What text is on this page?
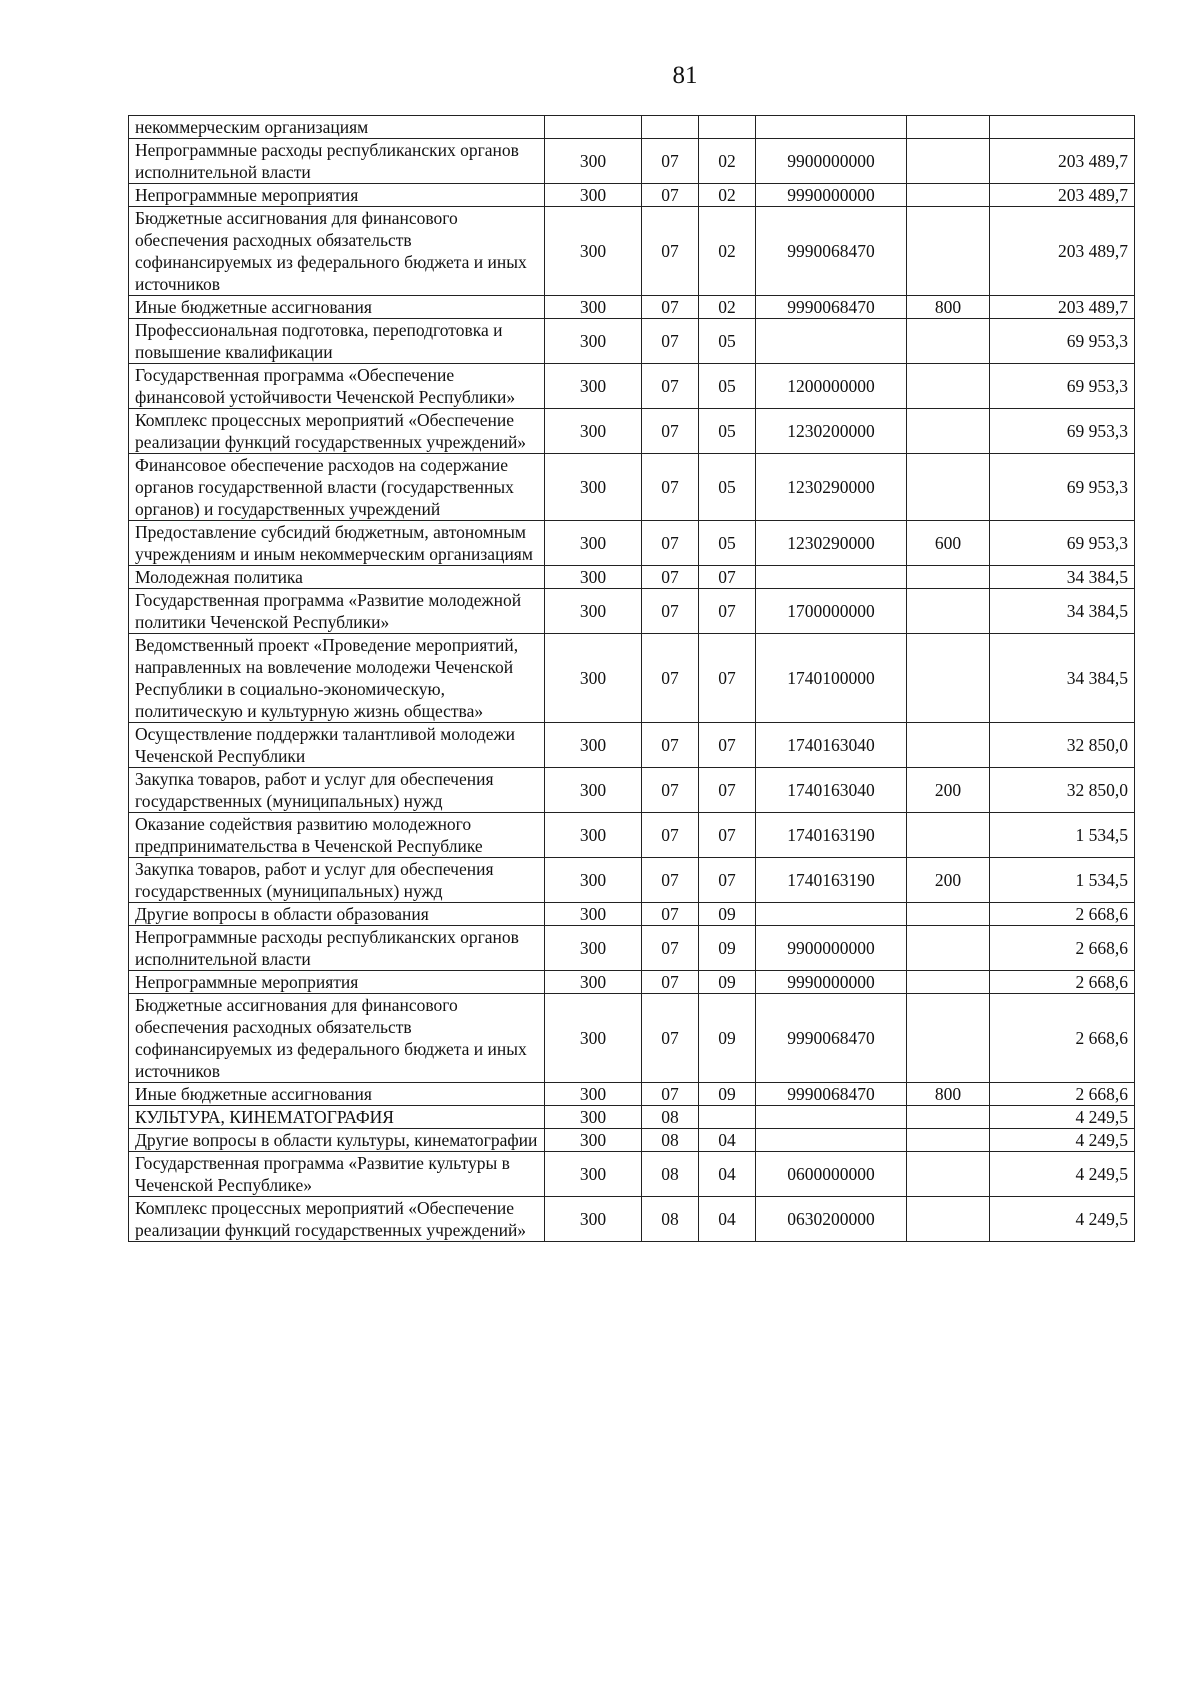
81
некоммерческим организациям						
Непрограммные расходы республиканских органов исполнительной власти	300	07	02	9900000000		203 489,7
Непрограммные мероприятия	300	07	02	9990000000		203 489,7
Бюджетные ассигнования для финансового обеспечения расходных обязательств софинансируемых из федерального бюджета и иных источников	300	07	02	9990068470		203 489,7
Иные бюджетные ассигнования	300	07	02	9990068470	800	203 489,7
Профессиональная подготовка, переподготовка и повышение квалификации	300	07	05			69 953,3
Государственная программа «Обеспечение финансовой устойчивости Чеченской Республики»	300	07	05	1200000000		69 953,3
Комплекс процессных мероприятий «Обеспечение реализации функций государственных учреждений»	300	07	05	1230200000		69 953,3
Финансовое обеспечение расходов на содержание органов государственной власти (государственных органов) и государственных учреждений	300	07	05	1230290000		69 953,3
Предоставление субсидий бюджетным, автономным учреждениям и иным некоммерческим организациям	300	07	05	1230290000	600	69 953,3
Молодежная политика	300	07	07			34 384,5
Государственная программа «Развитие молодежной политики Чеченской Республики»	300	07	07	1700000000		34 384,5
Ведомственный проект «Проведение мероприятий, направленных на вовлечение молодежи Чеченской Республики в социально-экономическую, политическую и культурную жизнь общества»	300	07	07	1740100000		34 384,5
Осуществление поддержки талантливой молодежи Чеченской Республики	300	07	07	1740163040		32 850,0
Закупка товаров, работ и услуг для обеспечения государственных (муниципальных) нужд	300	07	07	1740163040	200	32 850,0
Оказание содействия развитию молодежного предпринимательства в Чеченской Республике	300	07	07	1740163190		1 534,5
Закупка товаров, работ и услуг для обеспечения государственных (муниципальных) нужд	300	07	07	1740163190	200	1 534,5
Другие вопросы в области образования	300	07	09			2 668,6
Непрограммные расходы республиканских органов исполнительной власти	300	07	09	9900000000		2 668,6
Непрограммные мероприятия	300	07	09	9990000000		2 668,6
Бюджетные ассигнования для финансового обеспечения расходных обязательств софинансируемых из федерального бюджета и иных источников	300	07	09	9990068470		2 668,6
Иные бюджетные ассигнования	300	07	09	9990068470	800	2 668,6
КУЛЬТУРА, КИНЕМАТОГРАФИЯ	300	08				4 249,5
Другие вопросы в области культуры, кинематографии	300	08	04			4 249,5
Государственная программа «Развитие культуры в Чеченской Республике»	300	08	04	0600000000		4 249,5
Комплекс процессных мероприятий «Обеспечение реализации функций государственных учреждений»	300	08	04	0630200000		4 249,5
